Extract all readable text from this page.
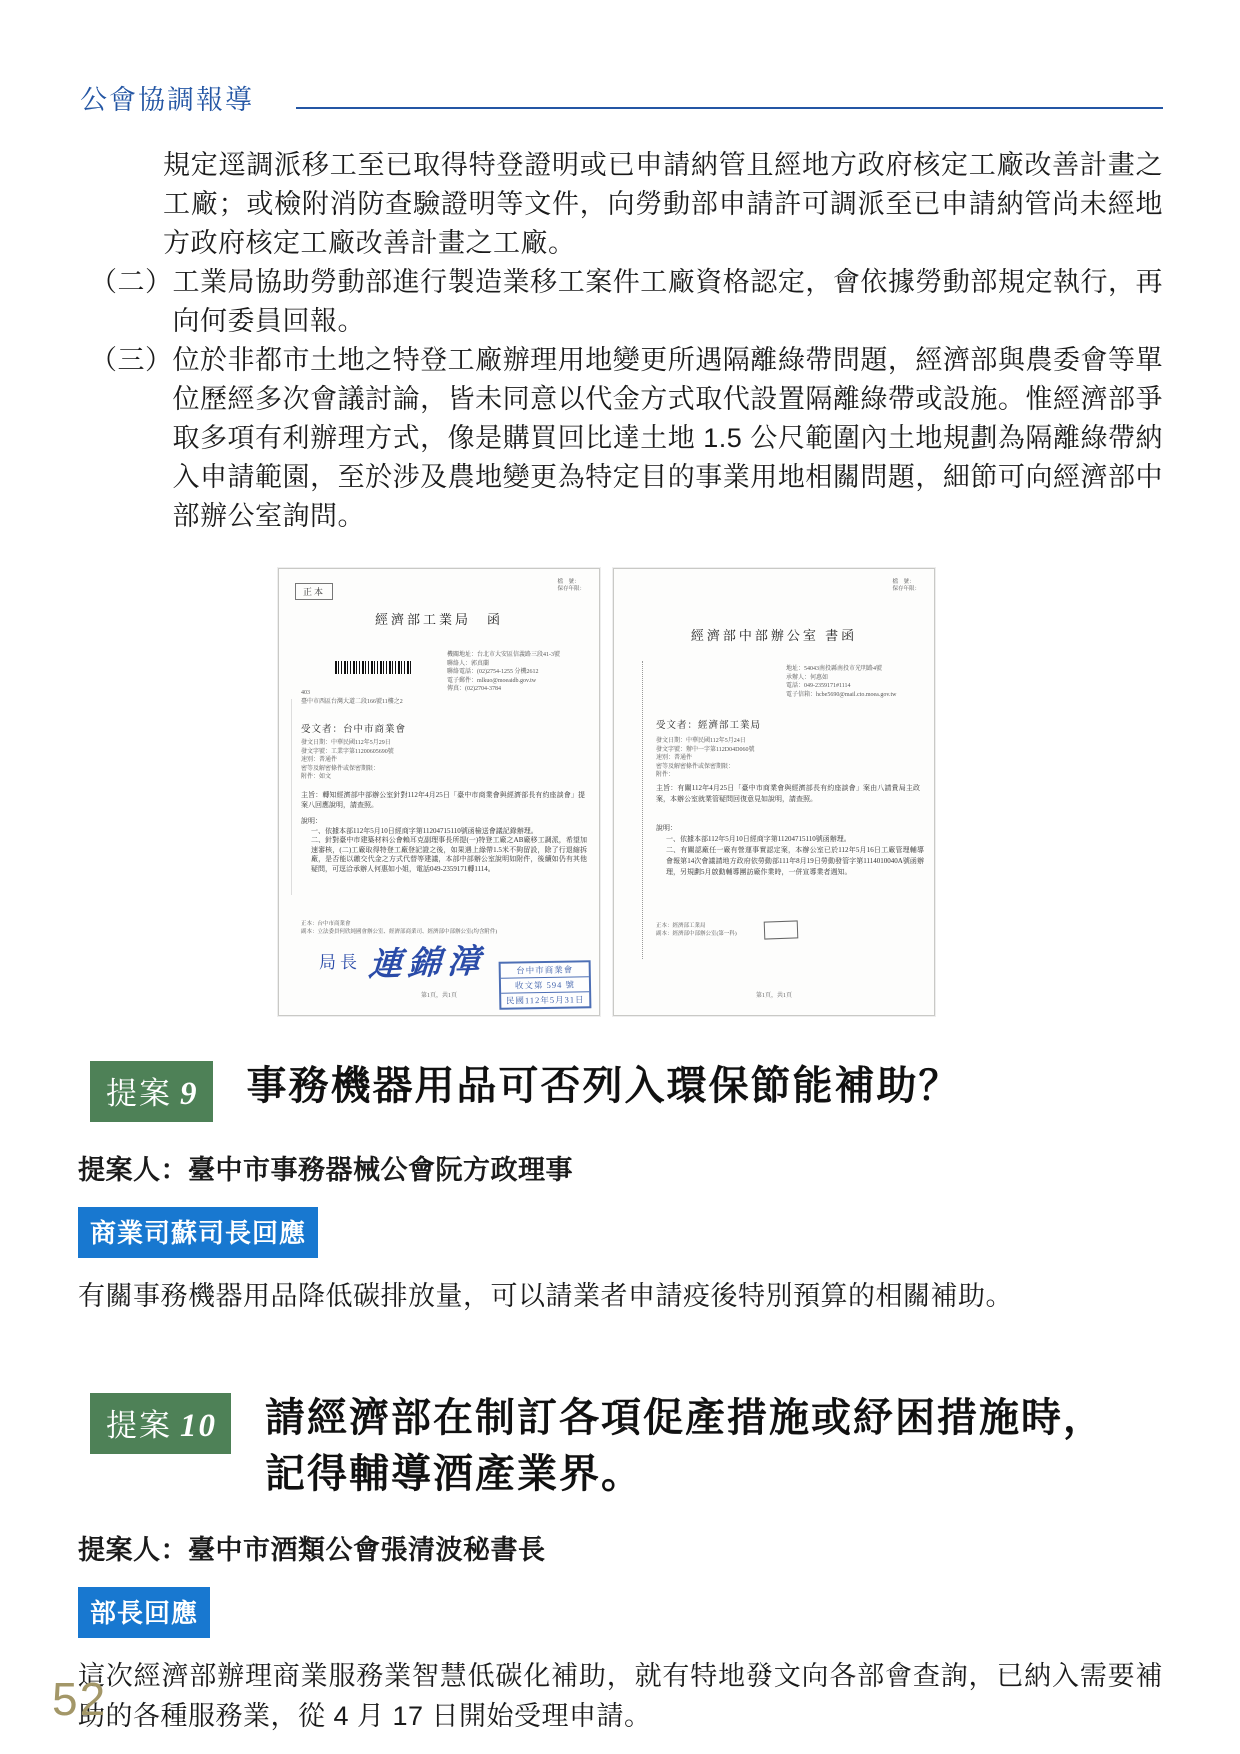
公會協調報導

規定逕調派移工至已取得特登證明或已申請納管且經地方政府核定工廠改善計畫之工廠；或檢附消防查驗證明等文件，向勞動部申請許可調派至已申請納管尚未經地方政府核定工廠改善計畫之工廠。

（二） 工業局協助勞動部進行製造業移工案件工廠資格認定，會依據勞動部規定執行，再向何委員回報。
（三） 位於非都市土地之特登工廠辦理用地變更所遇隔離綠帶問題，經濟部與農委會等單位歷經多次會議討論，皆未同意以代金方式取代設置隔離綠帶或設施。惟經濟部爭取多項有利辦理方式，像是購買回比達土地 1.5 公尺範圍內土地規劃為隔離綠帶納入申請範園，至於涉及農地變更為特定目的事業用地相關問題，細節可向經濟部中部辦公室詢問。
正本
檔　號：
保存年限：
經濟部工業局　函
機關地址：台北市大安區信義路三段41-3號
聯絡人：郭真蘭
聯絡電話：(02)2754-1255 分機2612
電子郵件：mlkuo@moeaidb.gov.tw
傳真：(02)2704-3784
403
臺中市西區台灣大道二段166號11樓之2
受文者：台中市商業會
發文日期：中華民國112年5月29日
發文字號：工業字第11200605690號
速別：普通件
密等及解密條件或保密期限：
附件：如文
主旨：轉知經濟部中部辦公室針對112年4月25日「臺中市商業會與經濟部長有約座談會」提案八回應說明，請查照。
說明：
一、依據本部112年5月10日經商字第11204715110號函檢送會議記錄辦理。
二、針對臺中市建築材料公會賴耳克副理事長所提(一)特登工廠之AB廠移工調派，希望加速審核，(二)工廠取得特登工廠登記證之後，如果遇上綠帶1.5米不夠留設，除了行退縮拆廠，是否能以繳交代金之方式代替等建議，本部中部辦公室說明如附件，後續如仍有其他疑問，可逕洽承辦人何惠如小姐，電話049-2359171轉1114。
正本：台中市商業會
副本：立法委員何欣純國會辦公室、經濟部商業司、經濟部中部辦公室(均含附件)
局長 連錦漳
第1頁，共1頁
台中市商業會
收文第 594 號
民國112年5月31日
檔　號：
保存年限：
經濟部中部辦公室 書函
地址：54043南投縣南投市光明路4號
承辦人：何惠如
電話：049-2359171#1114
電子信箱：hcbe5690@mail.cto.moea.gov.tw
受文者：經濟部工業局
發文日期：中華民國112年5月24日
發文字號：辦中一字第112D04D060號
速別：普通件
密等及解密條件或保密期限：
附件：
主旨：有關112年4月25日「臺中市商業會與經濟部長有約座談會」案由八請貴局主政案，本辦公室就業管疑問回復意見如說明，請查照。
說明：
一、依據本部112年5月10日經商字第11204715110號函辦理。
二、有關認廠任一廠有營運事實認定案，本辦公室已於112年5月16日工廠管理輔導會報第14次會議請地方政府依勞動部111年8月19日勞動發管字第1114010040A號函辦理，另規劃5月啟動輔導團訪廠作業時，一併宣導業者週知。
正本：經濟部工業局
副本：經濟部中部辦公室(第一科)
第1頁，共1頁
提案 9 事務機器用品可否列入環保節能補助？

提案人：臺中市事務器械公會阮方政理事

商業司蘇司長回應

有關事務機器用品降低碳排放量，可以請業者申請疫後特別預算的相關補助。

提案 10 請經濟部在制訂各項促產措施或紓困措施時，
記得輔導酒產業界。

提案人：臺中市酒類公會張清波秘書長

部長回應

這次經濟部辦理商業服務業智慧低碳化補助，就有特地發文向各部會查詢，已納入需要補助的各種服務業，從 4 月 17 日開始受理申請。

52
